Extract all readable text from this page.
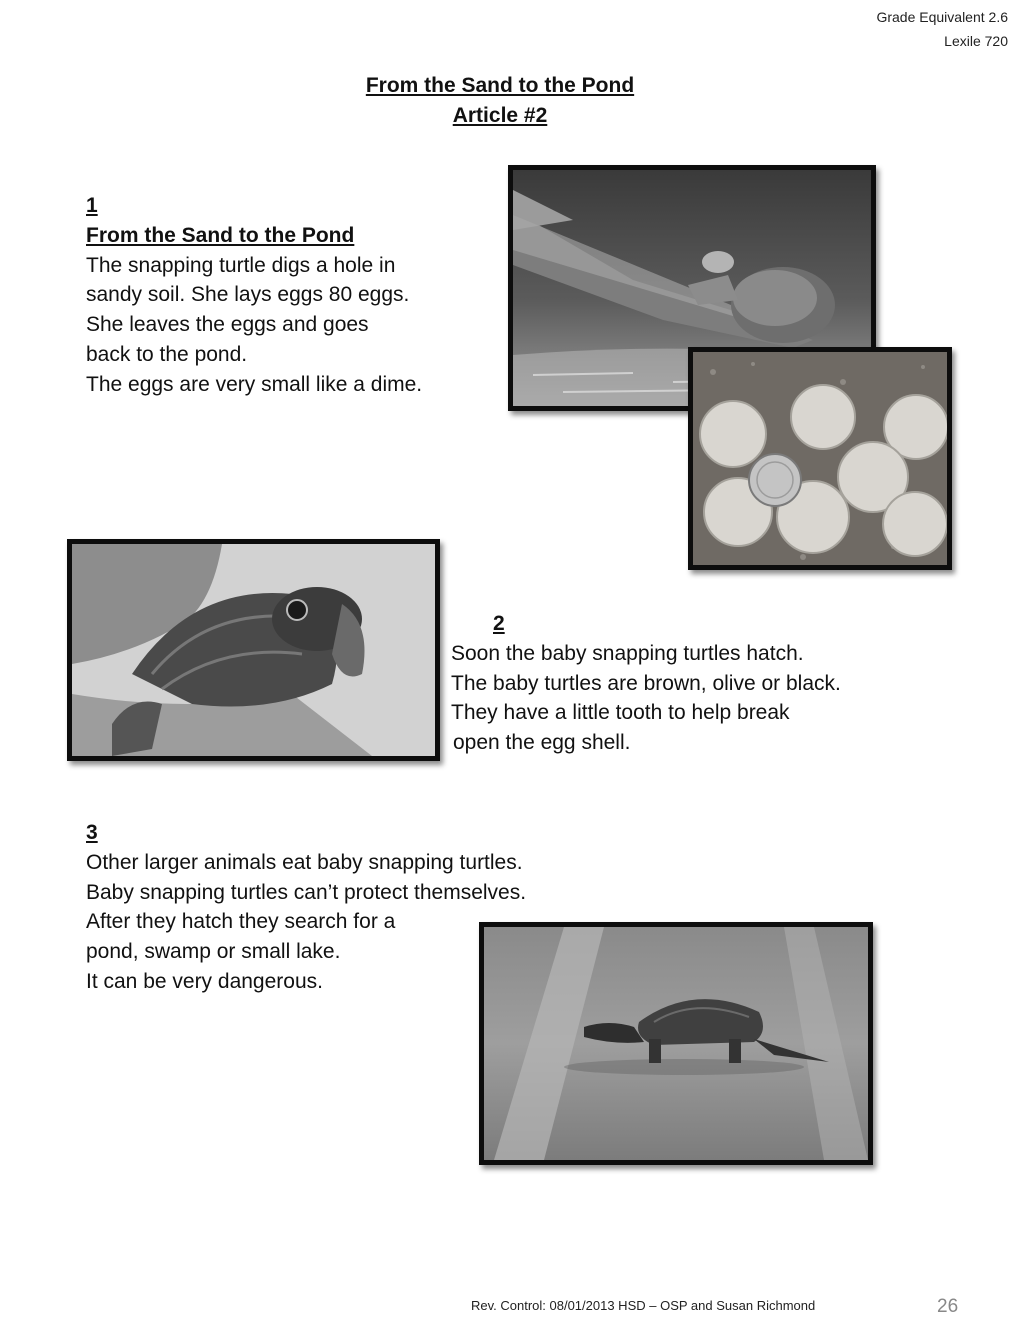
Grade Equivalent 2.6
Lexile 720
From the Sand to the Pond
Article #2
1
From the Sand to the Pond
The snapping turtle digs a hole in
sandy soil. She lays eggs 80 eggs.
She leaves the eggs and goes
back to the pond.
The eggs are very small like a dime.
2
Soon the baby snapping turtles hatch.
The baby turtles are brown, olive or black.
They have a little tooth to help break
open the egg shell.
3
Other larger animals eat baby snapping turtles.
Baby snapping turtles can’t protect themselves.
After they hatch they search for a
pond, swamp or small lake.
It can be very dangerous.
Rev. Control: 08/01/2013 HSD – OSP and Susan Richmond	26
